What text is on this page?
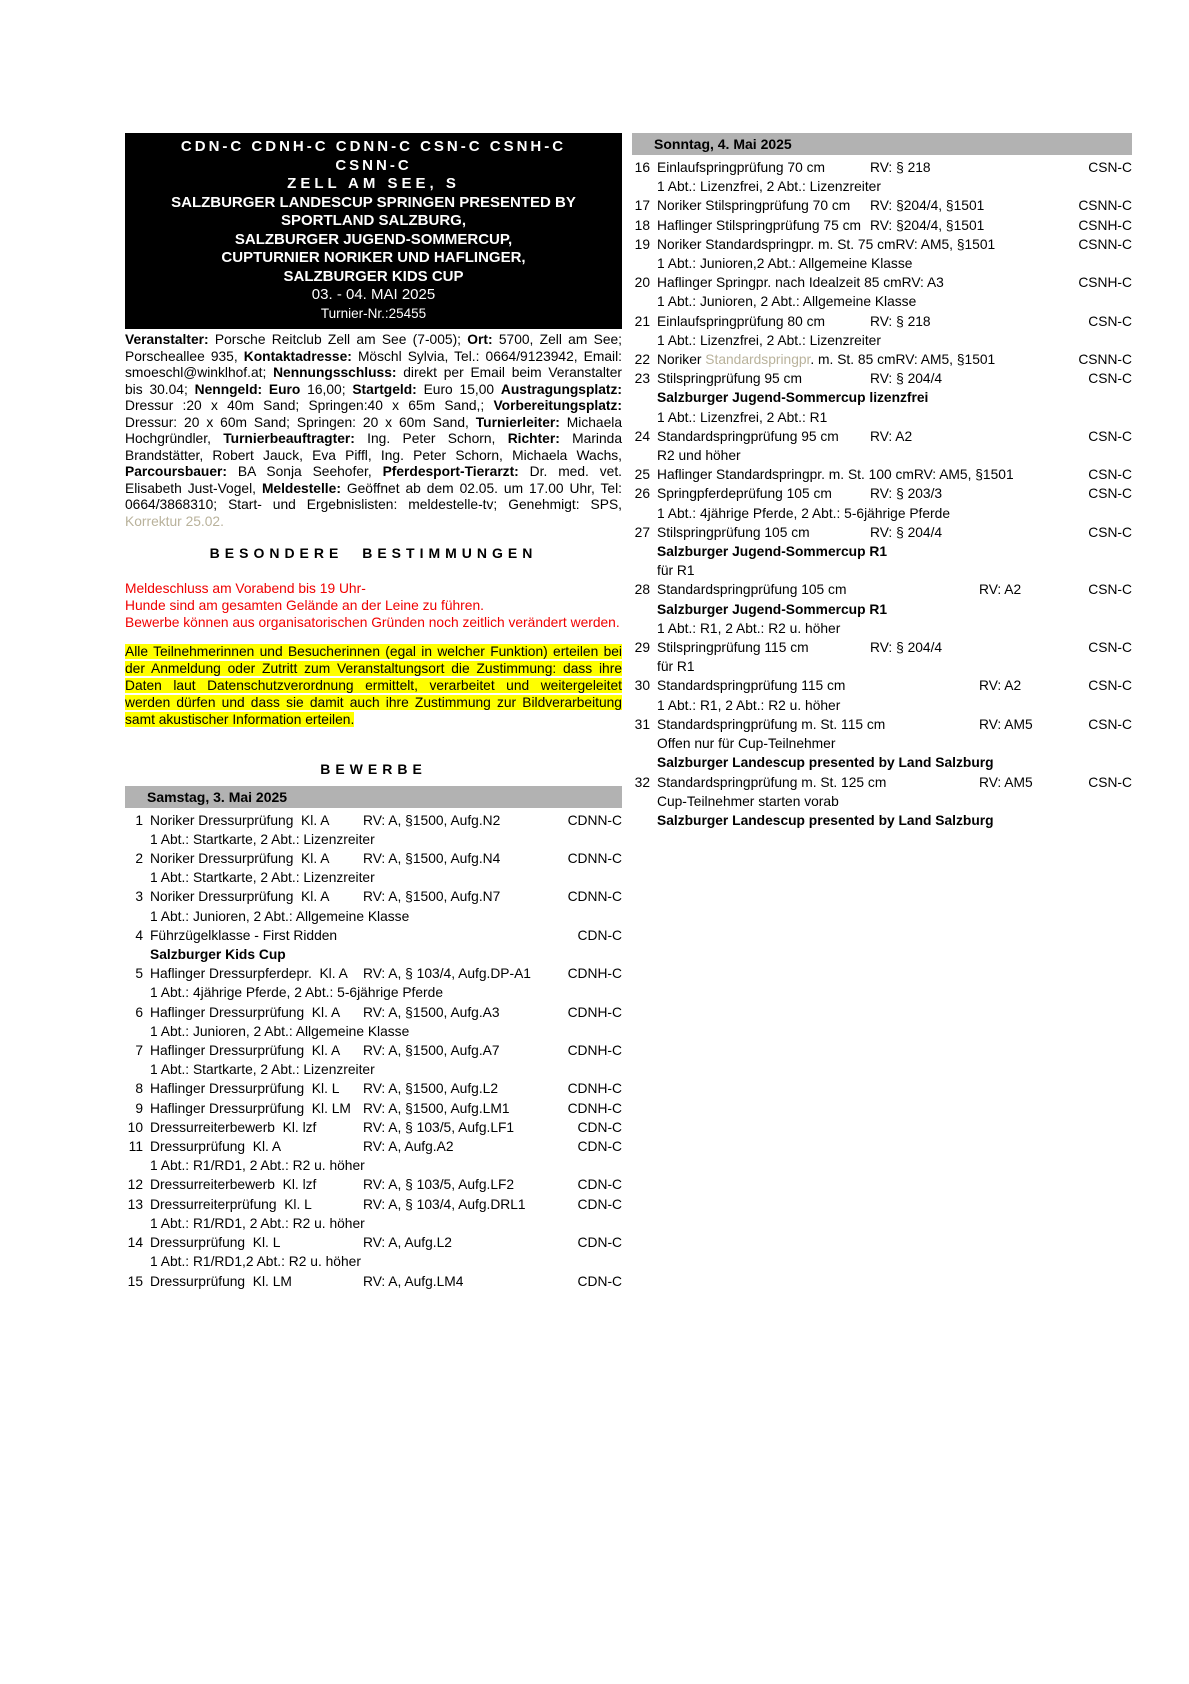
CDN-C CDNH-C CDNN-C CSN-C CSNH-C
CSNN-C
ZELL AM SEE, S
SALZBURGER LANDESCUP SPRINGEN PRESENTED BY
SPORTLAND SALZBURG,
SALZBURGER JUGEND-SOMMERCUP,
CUPTURNIER NORIKER UND HAFLINGER,
SALZBURGER KIDS CUP
03. - 04. MAI 2025
Turnier-Nr.:25455

Veranstalter: Porsche Reitclub Zell am See (7-005); Ort: 5700, Zell am See; Porscheallee 935, Kontaktadresse: Möschl Sylvia, Tel.: 0664/9123942, Email: smoeschl@winklhof.at; Nennungsschluss: direkt per Email beim Veranstalter bis 30.04; Nenngeld: Euro 16,00; Startgeld: Euro 15,00 Austragungsplatz: Dressur :20 x 40m Sand; Springen:40 x 65m Sand,; Vorbereitungsplatz: Dressur: 20 x 60m Sand; Springen: 20 x 60m Sand, Turnierleiter: Michaela Hochgründler, Turnierbeauftragter: Ing. Peter Schorn, Richter: Marinda Brandstätter, Robert Jauck, Eva Piffl, Ing. Peter Schorn, Michaela Wachs, Parcoursbauer: BA Sonja Seehofer, Pferdesport-Tierarzt: Dr. med. vet. Elisabeth Just-Vogel, Meldestelle: Geöffnet ab dem 02.05. um 17.00 Uhr, Tel: 0664/3868310; Start- und Ergebnislisten: meldestelle-tv; Genehmigt: SPS, Korrektur 25.02.

BESONDERE BESTIMMUNGEN
Meldeschluss am Vorabend bis 19 Uhr-
Hunde sind am gesamten Gelände an der Leine zu führen.
Bewerbe können aus organisatorischen Gründen noch zeitlich verändert werden.

Alle Teilnehmerinnen und Besucherinnen (egal in welcher Funktion) erteilen bei der Anmeldung oder Zutritt zum Veranstaltungsort die Zustimmung: dass ihre Daten laut Datenschutzverordnung ermittelt, verarbeitet und weitergeleitet werden dürfen und dass sie damit auch ihre Zustimmung zur Bildverarbeitung samt akustischer Information erteilen.

BEWERBE
Samstag, 3. Mai 2025
1 Noriker Dressurprüfung  Kl. A	RV: A, §1500, Aufg.N2	CDNN-C
1 Abt.: Startkarte, 2 Abt.: Lizenzreiter
2 Noriker Dressurprüfung  Kl. A	RV: A, §1500, Aufg.N4	CDNN-C
1 Abt.: Startkarte, 2 Abt.: Lizenzreiter
3 Noriker Dressurprüfung  Kl. A	RV: A, §1500, Aufg.N7	CDNN-C
1 Abt.: Junioren, 2 Abt.: Allgemeine Klasse
4 Führzügelklasse - First Ridden	CDN-C
Salzburger Kids Cup
5 Haflinger Dressurpferdepr.  Kl. A	RV: A, § 103/4, Aufg.DP-A1	CDNH-C
1 Abt.: 4jährige Pferde, 2 Abt.: 5-6jährige Pferde
6 Haflinger Dressurprüfung  Kl. A	RV: A, §1500, Aufg.A3	CDNH-C
1 Abt.: Junioren, 2 Abt.: Allgemeine Klasse
7 Haflinger Dressurprüfung  Kl. A	RV: A, §1500, Aufg.A7	CDNH-C
1 Abt.: Startkarte, 2 Abt.: Lizenzreiter
8 Haflinger Dressurprüfung  Kl. L	RV: A, §1500, Aufg.L2	CDNH-C
9 Haflinger Dressurprüfung  Kl. LM RV: A, §1500, Aufg.LM1	CDNH-C
10 Dressurreiterbewerb  Kl. lzf	RV: A, § 103/5, Aufg.LF1	CDN-C
11 Dressurprüfung  Kl. A	RV: A, Aufg.A2	CDN-C
1 Abt.: R1/RD1, 2 Abt.: R2 u. höher
12 Dressurreiterbewerb  Kl. lzf	RV: A, § 103/5, Aufg.LF2	CDN-C
13 Dressurreiterprüfung  Kl. L	RV: A, § 103/4, Aufg.DRL1	CDN-C
1 Abt.: R1/RD1, 2 Abt.: R2 u. höher
14 Dressurprüfung  Kl. L	RV: A, Aufg.L2	CDN-C
1 Abt.: R1/RD1,2 Abt.: R2 u. höher
15 Dressurprüfung  Kl. LM	RV: A, Aufg.LM4	CDN-C
Sonntag, 4. Mai 2025
16 Einlaufspringprüfung 70 cm	RV: § 218	CSN-C
1 Abt.: Lizenzfrei, 2 Abt.: Lizenzreiter
17 Noriker Stilspringprüfung 70 cm	RV: §204/4, §1501	CSNN-C
18 Haflinger Stilspringprüfung 75 cm RV: §204/4, §1501	CSNH-C
19 Noriker Standardspringpr. m. St. 75 cm RV: AM5, §1501	CSNN-C
1 Abt.: Junioren,2 Abt.: Allgemeine Klasse
20 Haflinger Springpr. nach Idealzeit 85 cm RV: A3	CSNH-C
1 Abt.: Junioren, 2 Abt.: Allgemeine Klasse
21 Einlaufspringprüfung 80 cm	RV: § 218	CSN-C
1 Abt.: Lizenzfrei, 2 Abt.: Lizenzreiter
22 Noriker Standardspringpr. m. St. 85 cm RV: AM5, §1501	CSNN-C
23 Stilspringprüfung 95 cm	RV: § 204/4	CSN-C
Salzburger Jugend-Sommercup lizenzfrei
1 Abt.: Lizenzfrei, 2 Abt.: R1
24 Standardspringprüfung 95 cm	RV: A2	CSN-C
R2 und höher
25 Haflinger Standardspringpr. m. St. 100 cm RV: AM5, §1501	CSN-C
26 Springpferdeprüfung 105 cm	RV: § 203/3	CSN-C
1 Abt.: 4jährige Pferde, 2 Abt.: 5-6jährige Pferde
27 Stilspringprüfung 105 cm	RV: § 204/4	CSN-C
Salzburger Jugend-Sommercup R1
für R1
28 Standardspringprüfung 105 cm	RV: A2	CSN-C
Salzburger Jugend-Sommercup R1
1 Abt.: R1, 2 Abt.: R2 u. höher
29 Stilspringprüfung 115 cm	RV: § 204/4	CSN-C
für R1
30 Standardspringprüfung 115 cm	RV: A2	CSN-C
1 Abt.: R1, 2 Abt.: R2 u. höher
31 Standardspringprüfung m. St. 115 cm	RV: AM5	CSN-C
Offen nur für Cup-Teilnehmer
Salzburger Landescup presented by Land Salzburg
32 Standardspringprüfung m. St. 125 cm	RV: AM5	CSN-C
Cup-Teilnehmer starten vorab
Salzburger Landescup presented by Land Salzburg
